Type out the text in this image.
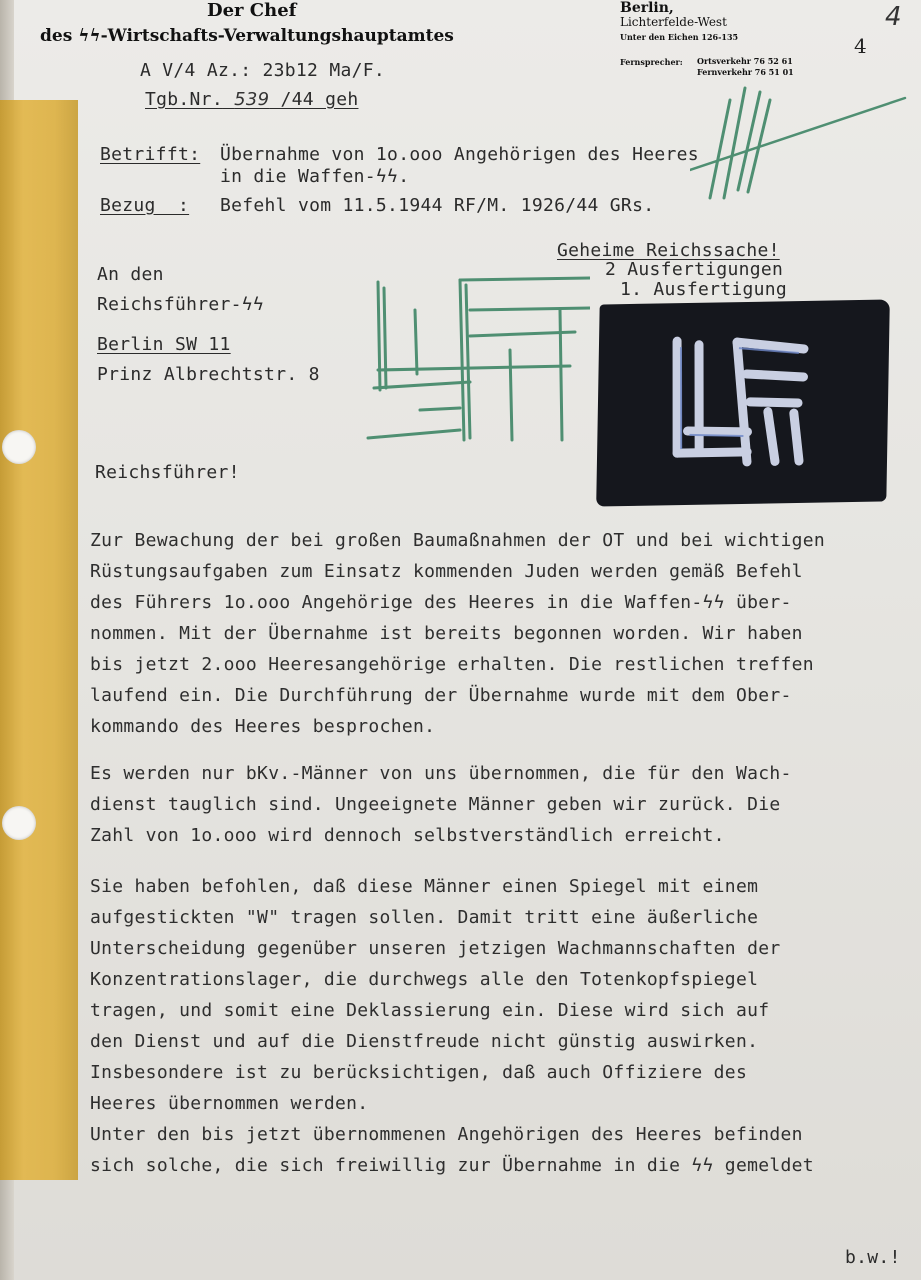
Der Chef
des ϟϟ-Wirtschafts-Verwaltungshauptamtes
Berlin,
Lichterfelde-West
Unter den Eichen 126-135
Fernsprecher: Ortsverkehr 76 52 61
Fernverkehr 76 51 01
4
4
A V/4 Az.: 23b12 Ma/F.
Tgb.Nr. 539 /44 geh
Betrifft: Übernahme von 1o.ooo Angehörigen des Heeres
in die Waffen-ϟϟ.
Bezug  : Befehl vom 11.5.1944 RF/M. 1926/44 GRs.
Geheime Reichssache!
2 Ausfertigungen
1. Ausfertigung
An den
Reichsführer-ϟϟ
Berlin SW 11
Prinz Albrechtstr. 8
Reichsführer!
Zur Bewachung der bei großen Baumaßnahmen der OT und bei wichtigen
Rüstungsaufgaben zum Einsatz kommenden Juden werden gemäß Befehl
des Führers 1o.ooo Angehörige des Heeres in die Waffen-ϟϟ über-
nommen. Mit der Übernahme ist bereits begonnen worden. Wir haben
bis jetzt 2.ooo Heeresangehörige erhalten. Die restlichen treffen
laufend ein. Die Durchführung der Übernahme wurde mit dem Ober-
kommando des Heeres besprochen.
Es werden nur bKv.-Männer von uns übernommen, die für den Wach-
dienst tauglich sind. Ungeeignete Männer geben wir zurück. Die
Zahl von 1o.ooo wird dennoch selbstverständlich erreicht.
Sie haben befohlen, daß diese Männer einen Spiegel mit einem
aufgestickten "W" tragen sollen. Damit tritt eine äußerliche
Unterscheidung gegenüber unseren jetzigen Wachmannschaften der
Konzentrationslager, die durchwegs alle den Totenkopfspiegel
tragen, und somit eine Deklassierung ein. Diese wird sich auf
den Dienst und auf die Dienstfreude nicht günstig auswirken.
Insbesondere ist zu berücksichtigen, daß auch Offiziere des
Heeres übernommen werden.
Unter den bis jetzt übernommenen Angehörigen des Heeres befinden
sich solche, die sich freiwillig zur Übernahme in die ϟϟ gemeldet
b.w.!
